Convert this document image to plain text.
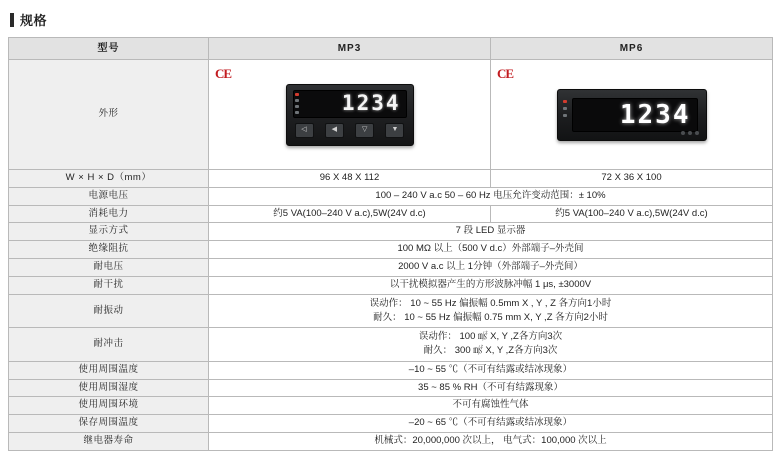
规格
型号	MP3	MP6
外形	
CE
1234
◁	◀	▽	▼

CE
1234

W × H × D（mm）	96 X 48 X 112	72 X 36 X 100
电源电压	100 – 240 V a.c 50 – 60 Hz 电压允许变动范围：± 10%	
消耗电力	约5 VA(100–240 V a.c),5W(24V d.c)	约5 VA(100–240 V a.c),5W(24V d.c)
显示方式	7 段 LED 显示器	
绝缘阻抗	100 MΩ 以上（500 V d.c）外部端子–外壳间	
耐电压	2000 V a.c 以上 1分钟（外部端子–外壳间）	
耐干扰	以干扰模拟器产生的方形波脉冲幅 1 μs, ±3000V	
耐振动	误动作： 10 ~ 55 Hz 偏振幅 0.5mm X , Y , Z 各方向1小时
耐久： 10 ~ 55 Hz 偏振幅 0.75 mm X, Y ,Z 各方向2小时	

耐冲击	误动作： 100 ㎨ X, Y ,Z各方向3次
耐久： 300 ㎨ X, Y ,Z各方向3次	

使用周围温度	–10 ~ 55 ℃（不可有结露或结冰现象）	
使用周围湿度	35 ~ 85 % RH（不可有结露现象）	
使用周围环境	不可有腐蚀性气体	
保存周围温度	–20 ~ 65 ℃（不可有结露或结冰现象）	
继电器寿命	机械式：20,000,000 次以上， 电气式：100,000 次以上	
